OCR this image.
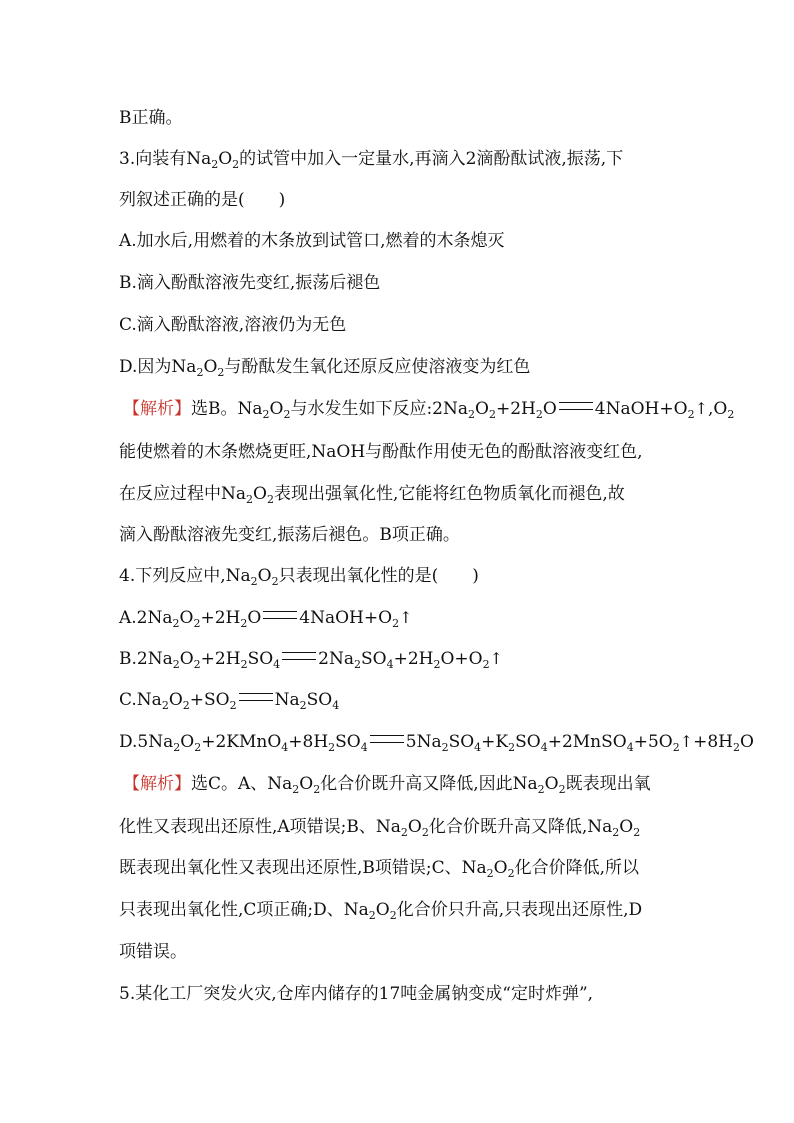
B正确。
3.向装有$Na_2O_2$的试管中加入一定量水,再滴入2滴酚酞试液,振荡,下
列叙述正确的是(　　)
A.加水后,用燃着的木条放到试管口,燃着的木条熄灭
B.滴入酚酞溶液先变红,振荡后褪色
C.滴入酚酞溶液,溶液仍为无色
D.因为$Na_2O_2$与酚酞发生氧化还原反应使溶液变为红色
【解析】选B。$Na_2O_2$与水发生如下反应$:2Na_2O_2+2H_2O$ $4NaOH+O_2↑,O_2$
能使燃着的木条燃烧更旺,NaOH与酚酞作用使无色的酚酞溶液变红色,
在反应过程中$Na_2O_2$表现出强氧化性,它能将红色物质氧化而褪色,故
滴入酚酞溶液先变红,振荡后褪色。B项正确。
4.下列反应中$,Na_2O_2$只表现出氧化性的是(　　)
$A.2Na_2O_2+2H_2O$ $4NaOH+O_2↑$
$B.2Na_2O_2+2H_2SO_4$ $2Na_2SO_4+2H_2O+O_2↑$
$C.Na_2O_2+SO_2$ $Na_2SO_4$
$D.5Na_2O_2+2KMnO_4+8H_2SO_4$ $5Na_2SO_4+K_2SO_4+2MnSO_4+5O_2↑+8H_2O$
【解析】选C。A、$Na_2O_2$化合价既升高又降低,因此$Na_2O_2$既表现出氧
化性又表现出还原性,A项错误;B、$Na_2O_2$化合价既升高又降低$,Na_2O_2$
既表现出氧化性又表现出还原性,B项错误;C、$Na_2O_2$化合价降低,所以
只表现出氧化性,C项正确;D、$Na_2O_2$化合价只升高,只表现出还原性,D
项错误。
5.某化工厂突发火灾,仓库内储存的17吨金属钠变成“定时炸弹”,
